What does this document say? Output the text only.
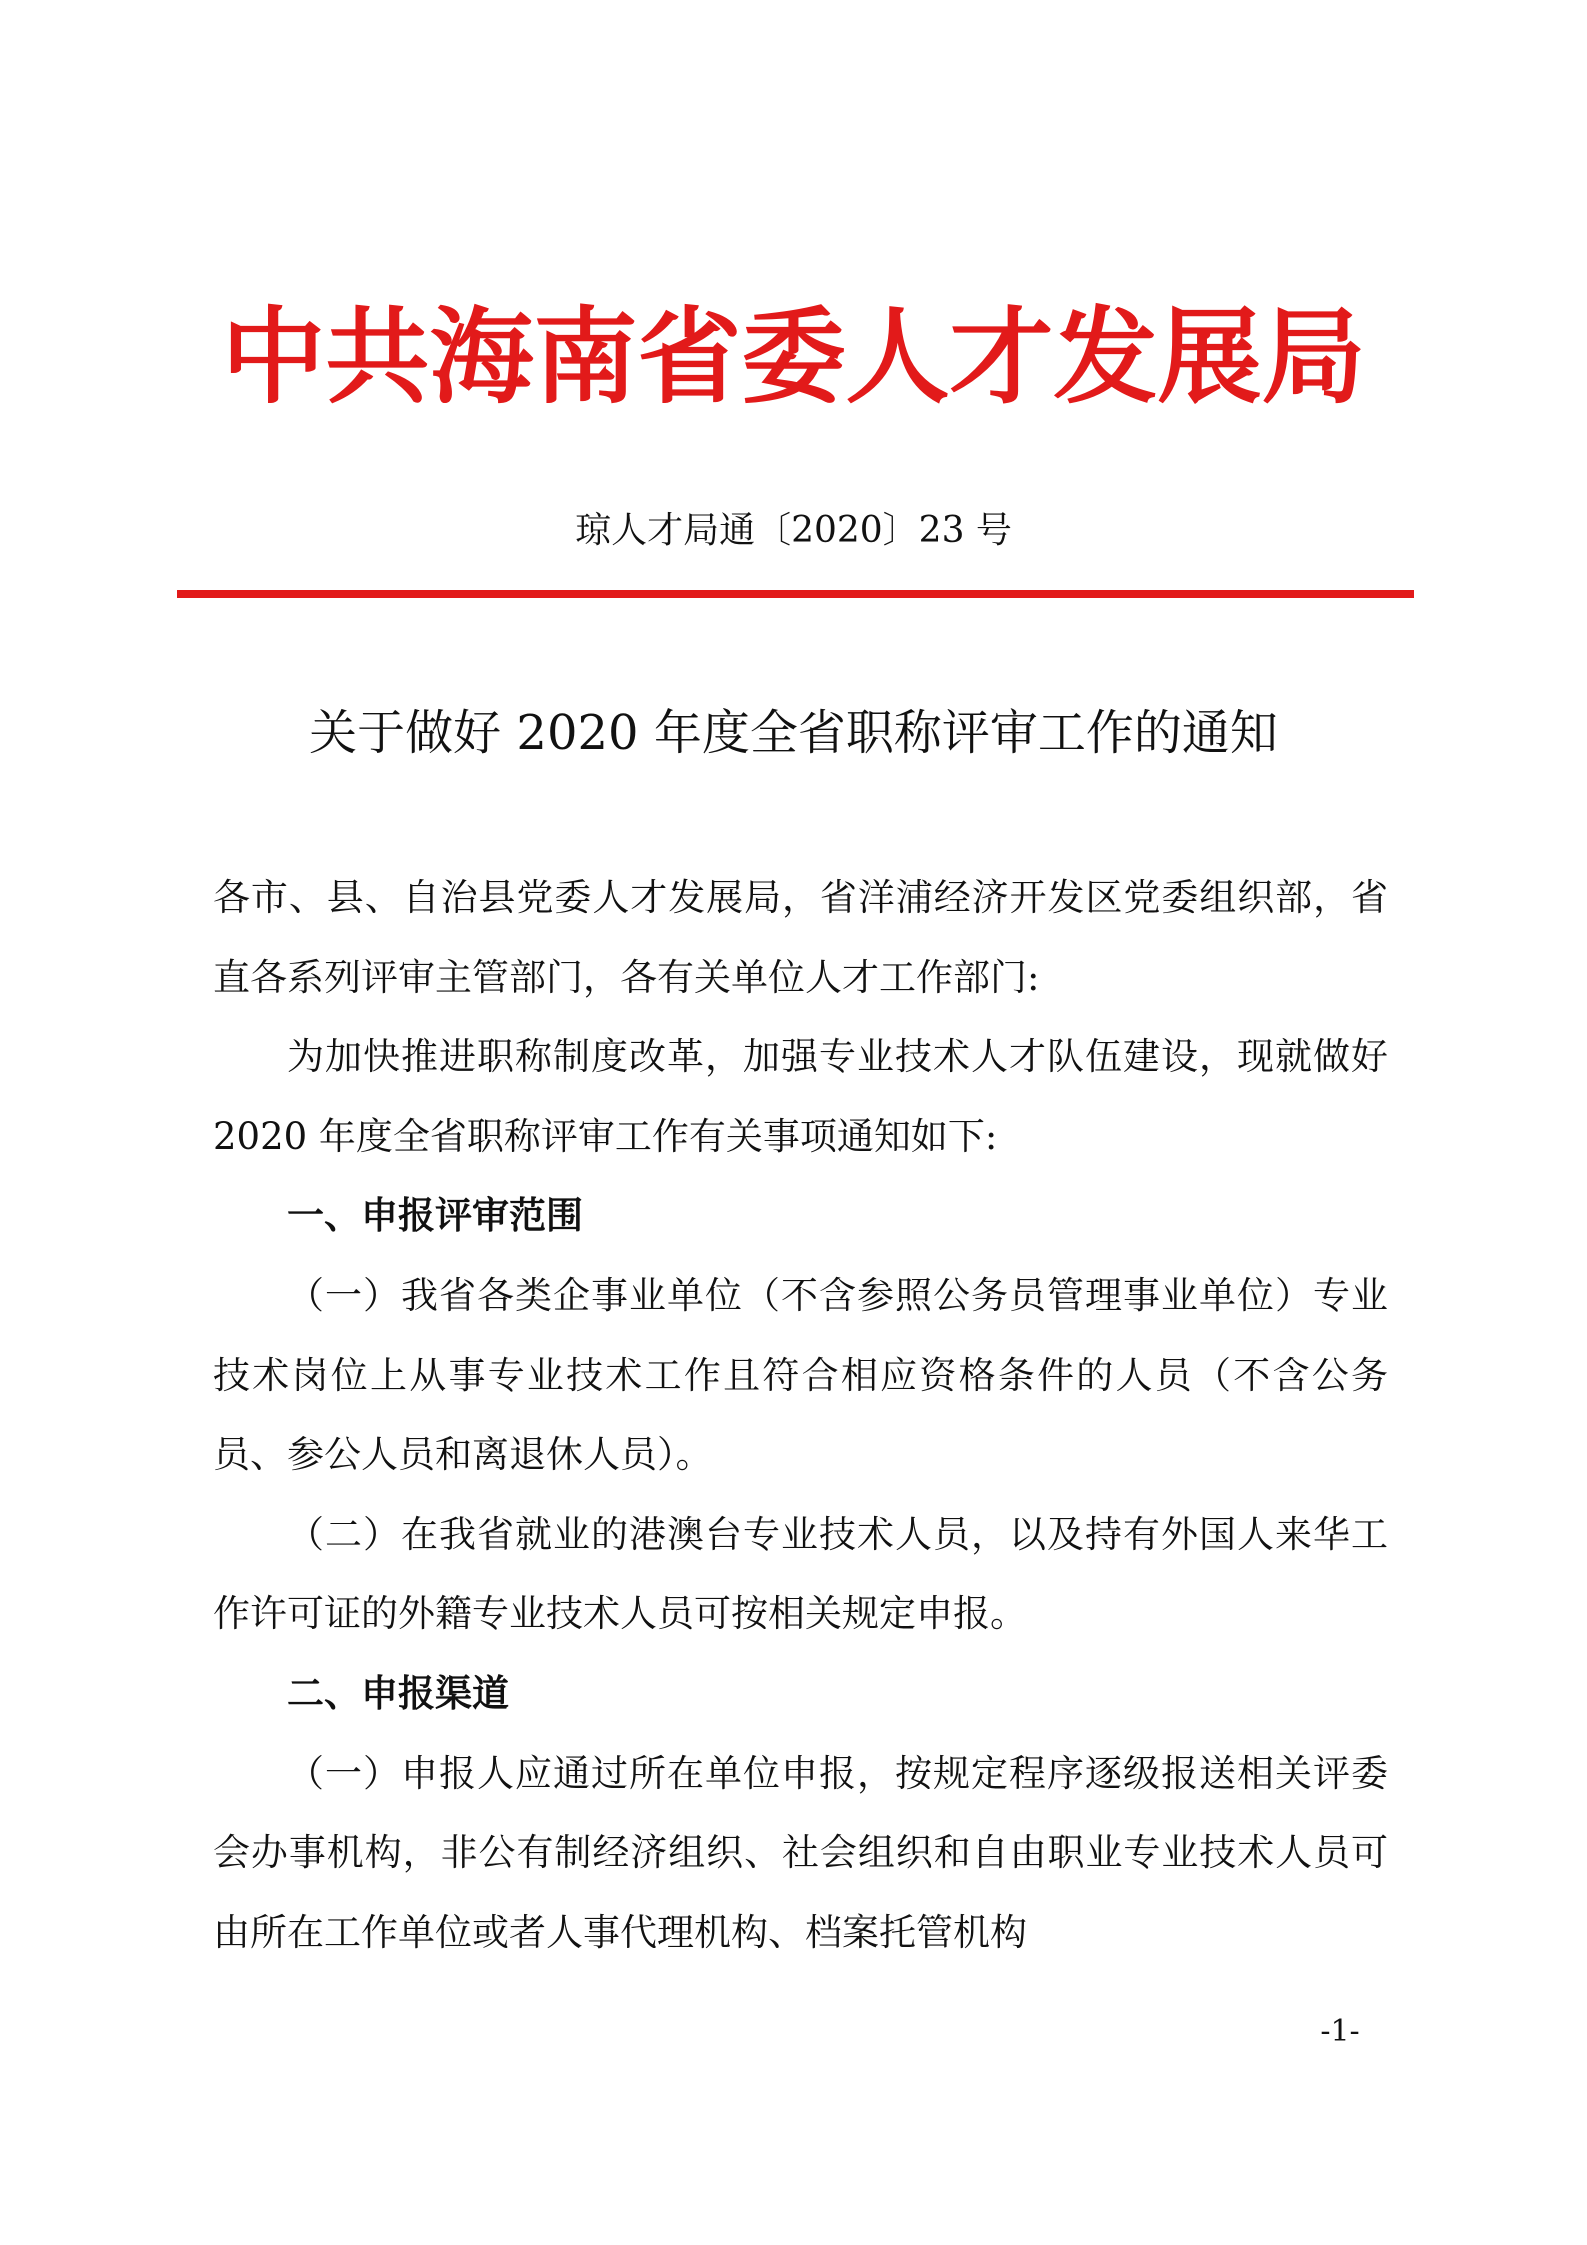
中共海南省委人才发展局
琼人才局通〔2020〕23 号
关于做好 2020 年度全省职称评审工作的通知

各市、县、自治县党委人才发展局，省洋浦经济开发区党委组织部，省直各系列评审主管部门，各有关单位人才工作部门:

为加快推进职称制度改革，加强专业技术人才队伍建设，现就做好 2020 年度全省职称评审工作有关事项通知如下:

一、申报评审范围

（一）我省各类企事业单位（不含参照公务员管理事业单位）专业技术岗位上从事专业技术工作且符合相应资格条件的人员（不含公务员、参公人员和离退休人员）。

（二）在我省就业的港澳台专业技术人员，以及持有外国人来华工作许可证的外籍专业技术人员可按相关规定申报。

二、申报渠道

（一）申报人应通过所在单位申报，按规定程序逐级报送相关评委会办事机构，非公有制经济组织、社会组织和自由职业专业技术人员可由所在工作单位或者人事代理机构、档案托管机构

-1-
